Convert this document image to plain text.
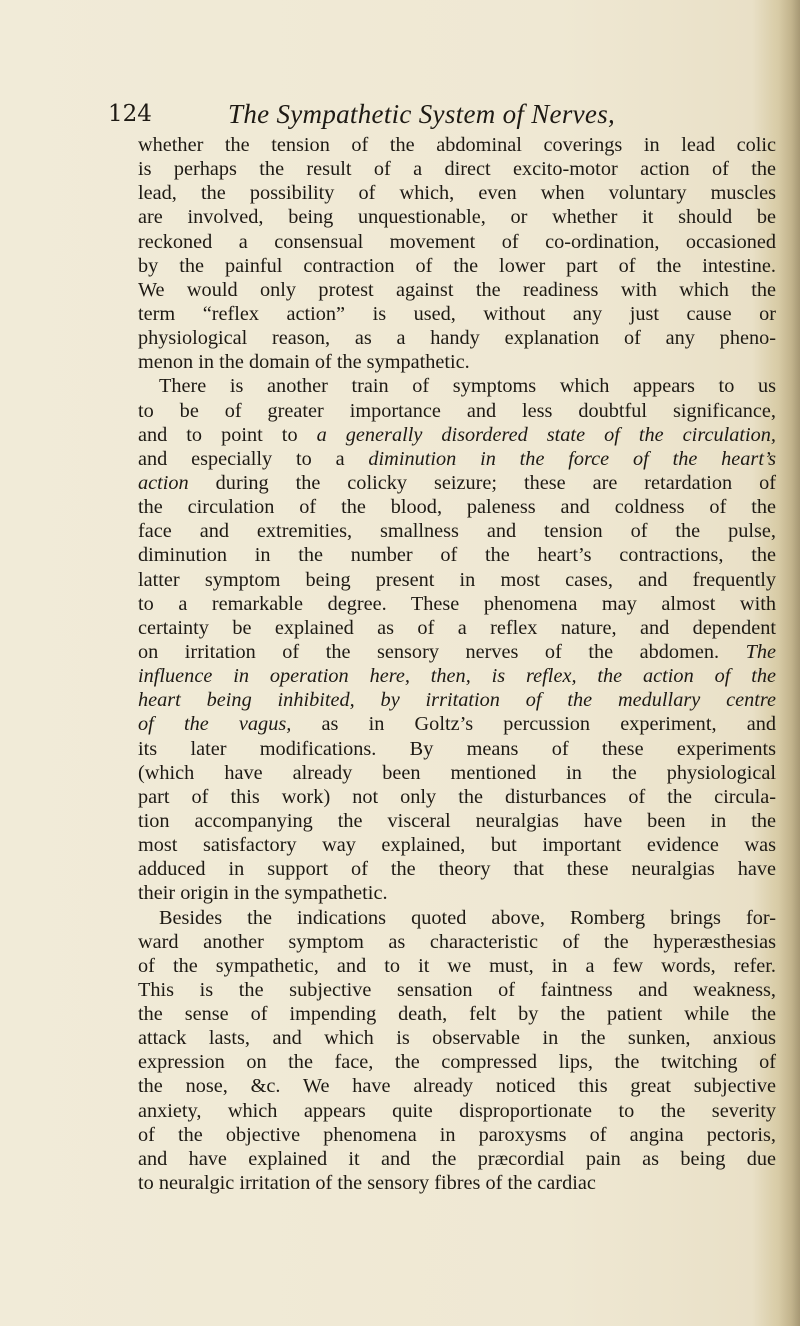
124	The Sympathetic System of Nerves,
whether the tension of the abdominal coverings in lead colic
is perhaps the result of a direct excito-motor action of the
lead, the possibility of which, even when voluntary muscles
are involved, being unquestionable, or whether it should be
reckoned a consensual movement of co-ordination, occasioned
by the painful contraction of the lower part of the intestine.
We would only protest against the readiness with which the
term “reflex action” is used, without any just cause or
physiological reason, as a handy explanation of any pheno-
menon in the domain of the sympathetic.
There is another train of symptoms which appears to us
to be of greater importance and less doubtful significance,
and to point to a generally disordered state of the circulation,
and especially to a diminution in the force of the heart’s
action during the colicky seizure; these are retardation of
the circulation of the blood, paleness and coldness of the
face and extremities, smallness and tension of the pulse,
diminution in the number of the heart’s contractions, the
latter symptom being present in most cases, and frequently
to a remarkable degree. These phenomena may almost with
certainty be explained as of a reflex nature, and dependent
on irritation of the sensory nerves of the abdomen. The
influence in operation here, then, is reflex, the action of the
heart being inhibited, by irritation of the medullary centre
of the vagus, as in Goltz’s percussion experiment, and
its later modifications. By means of these experiments
(which have already been mentioned in the physiological
part of this work) not only the disturbances of the circula-
tion accompanying the visceral neuralgias have been in the
most satisfactory way explained, but important evidence was
adduced in support of the theory that these neuralgias have
their origin in the sympathetic.
Besides the indications quoted above, Romberg brings for-
ward another symptom as characteristic of the hyperæsthesias
of the sympathetic, and to it we must, in a few words, refer.
This is the subjective sensation of faintness and weakness,
the sense of impending death, felt by the patient while the
attack lasts, and which is observable in the sunken, anxious
expression on the face, the compressed lips, the twitching of
the nose, &c. We have already noticed this great subjective
anxiety, which appears quite disproportionate to the severity
of the objective phenomena in paroxysms of angina pectoris,
and have explained it and the præcordial pain as being due
to neuralgic irritation of the sensory fibres of the cardiac
